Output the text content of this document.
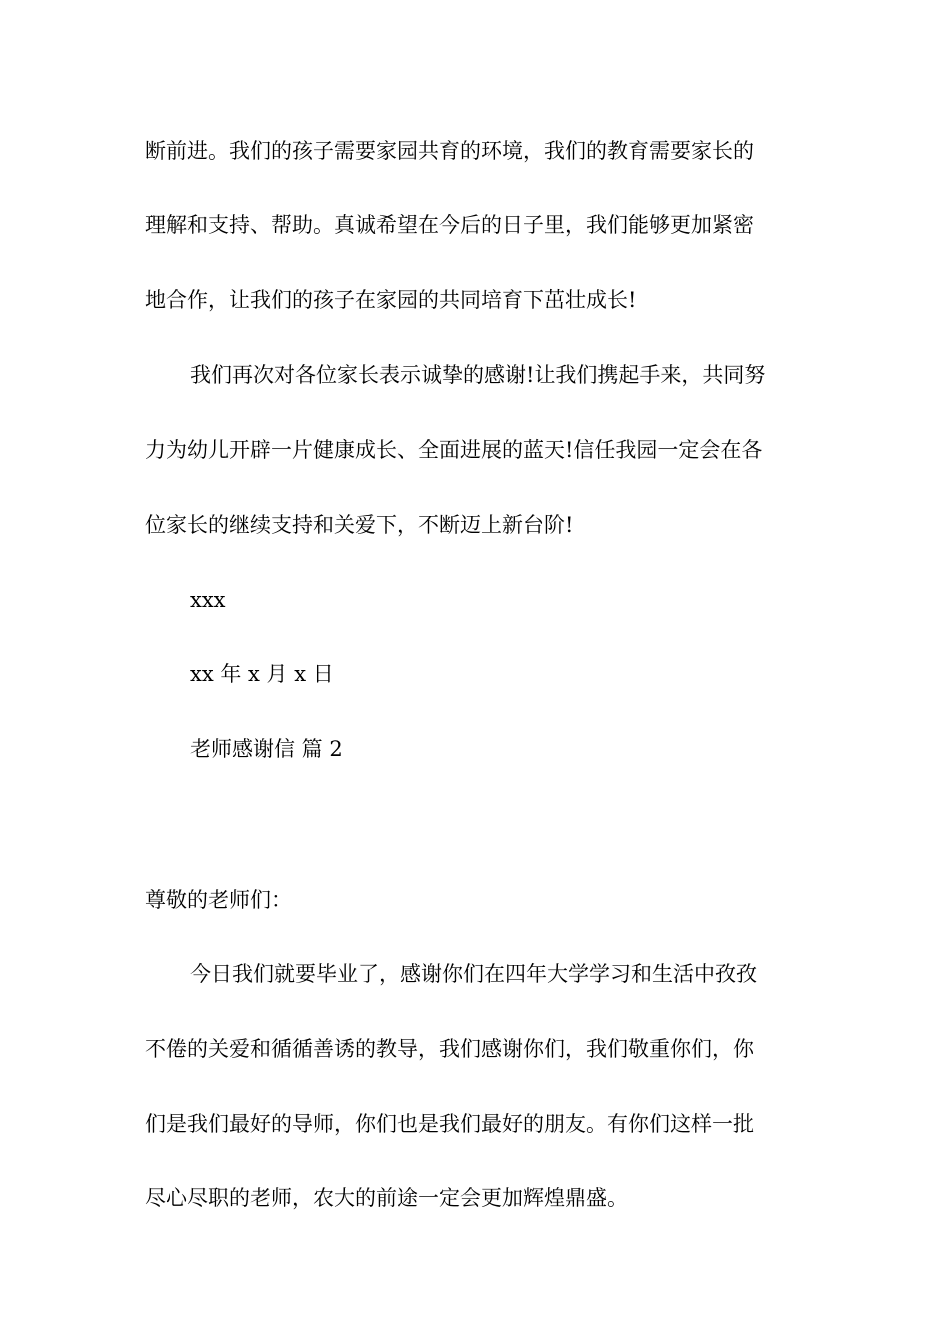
断前进。我们的孩子需要家园共育的环境，我们的教育需要家长的
理解和支持、帮助。真诚希望在今后的日子里，我们能够更加紧密
地合作，让我们的孩子在家园的共同培育下茁壮成长!
我们再次对各位家长表示诚挚的感谢!让我们携起手来，共同努
力为幼儿开辟一片健康成长、全面进展的蓝天!信任我园一定会在各
位家长的继续支持和关爱下，不断迈上新台阶!
xxx
xx 年 x 月 x 日
老师感谢信 篇 2
尊敬的老师们：
今日我们就要毕业了，感谢你们在四年大学学习和生活中孜孜
不倦的关爱和循循善诱的教导，我们感谢你们，我们敬重你们，你
们是我们最好的导师，你们也是我们最好的朋友。有你们这样一批
尽心尽职的老师，农大的前途一定会更加辉煌鼎盛。
